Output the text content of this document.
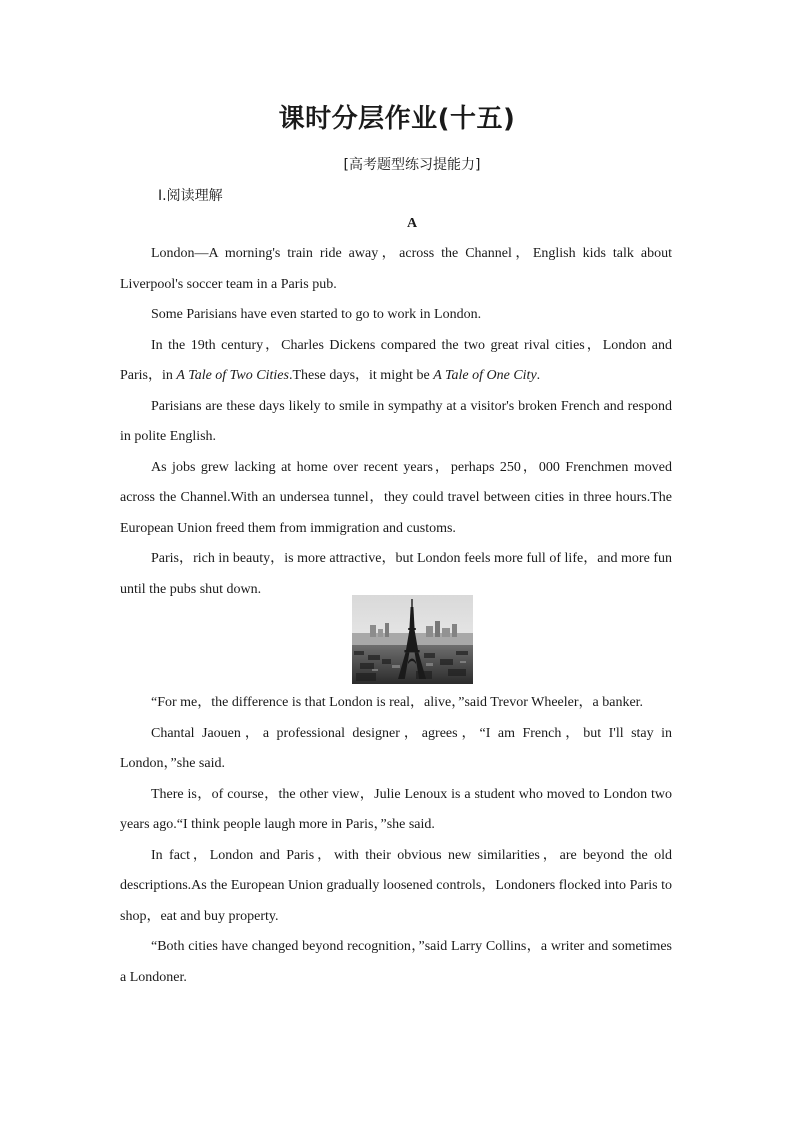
课时分层作业(十五)
[高考题型练习提能力]
Ⅰ.阅读理解
A

London—A morning's train ride away，across the Channel，English kids talk about Liverpool's soccer team in a Paris pub.

Some Parisians have even started to go to work in London.

In the 19th century，Charles Dickens compared the two great rival cities，London and Paris，in A Tale of Two Cities.These days，it might be A Tale of One City.

Parisians are these days likely to smile in sympathy at a visitor's broken French and respond in polite English.

As jobs grew lacking at home over recent years，perhaps 250，000 Frenchmen moved across the Channel.With an undersea tunnel，they could travel between cities in three hours.The European Union freed them from immigration and customs.

Paris，rich in beauty，is more attractive，but London feels more full of life，and more fun until the pubs shut down.

“For me，the difference is that London is real，alive，”said Trevor Wheeler，a banker.

Chantal Jaouen，a professional designer，agrees，“I am French，but I'll stay in London，”she said.

There is，of course，the other view，Julie Lenoux is a student who moved to London two years ago.“I think people laugh more in Paris，”she said.

In fact，London and Paris，with their obvious new similarities，are beyond the old descriptions.As the European Union gradually loosened controls，Londoners flocked into Paris to shop，eat and buy property.

“Both cities have changed beyond recognition，”said Larry Collins，a writer and sometimes a Londoner.
